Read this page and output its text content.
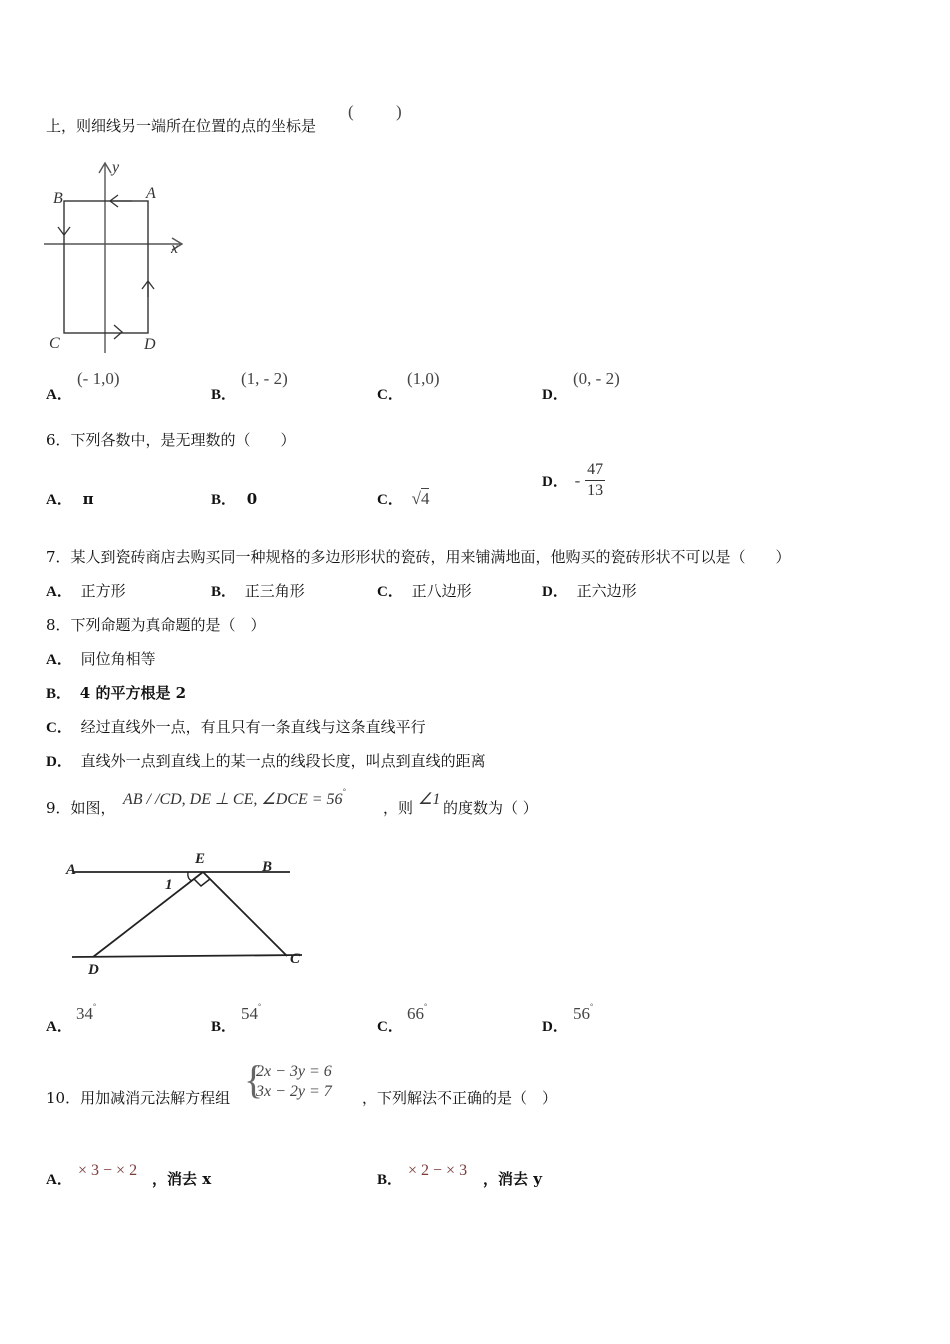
上，则细线另一端所在位置的点的坐标是
( )
y
x
A
B
C	D
A．
(- 1,0)
B．
(1, - 2)
C．
(1,0)
D．
(0, - 2)
6．下列各数中，是无理数的（　　）
A． π	B． 0	C． √4
D． - $\frac{47}{13}$
7．某人到瓷砖商店去购买同一种规格的多边形形状的瓷砖，用来铺满地面，他购买的瓷砖形状不可以是（　　）
A． 正方形	B． 正三角形	C． 正八边形	D． 正六边形
8．下列命题为真命题的是（　）
A． 同位角相等
B． 4 的平方根是 2
C． 经过直线外一点，有且只有一条直线与这条直线平行
D． 直线外一点到直线上的某一点的线段长度，叫点到直线的距离
9．如图， AB / /CD, DE ⊥ CE, ∠DCE = 56°
，则 ∠1 的度数为（ ）
A
E	B
1
D
C
A．
34°
B．
54°
C．
66°
D．
56°
10．用加减消元法解方程组 {
2x − 3y = 6
3x − 2y = 7 ，下列解法不正确的是（　）
A．
× 3 − × 2 ，消去 x	B．
× 2 − × 3 ，消去 y
